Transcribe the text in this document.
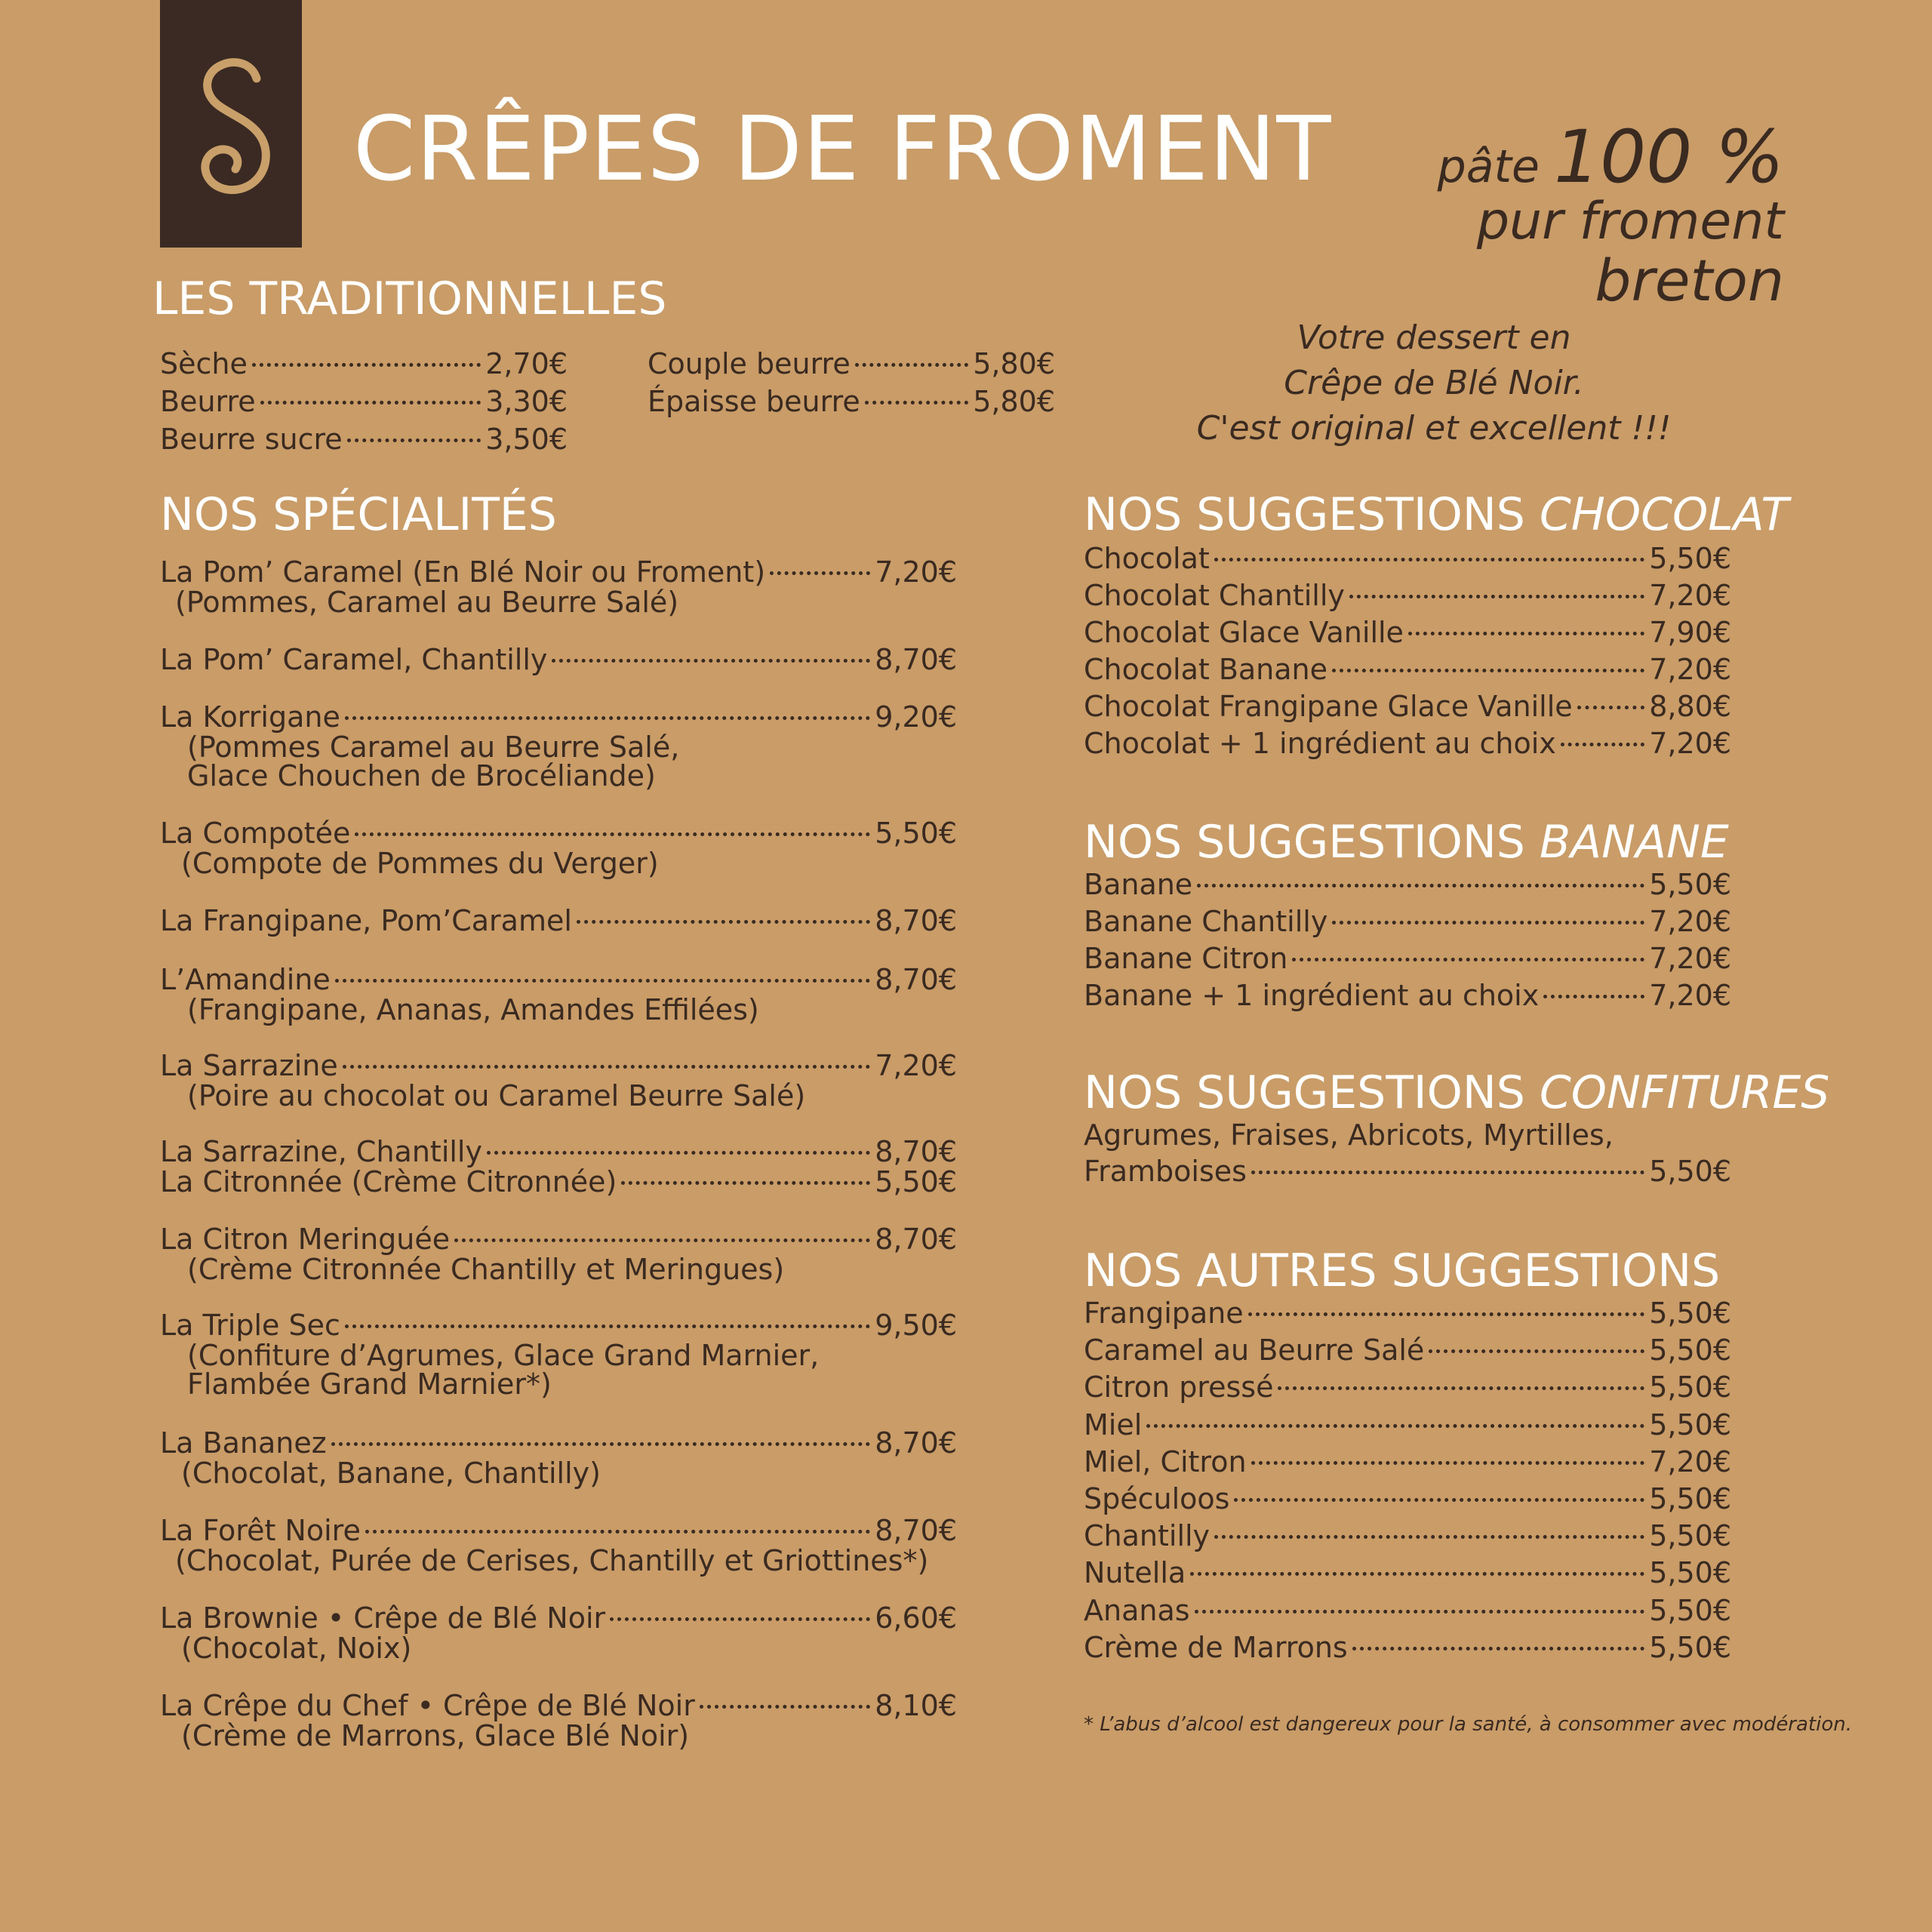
CRÊPES DE FROMENT pâte 100 %
pur froment
breton
Votre dessert en
Crêpe de Blé Noir.
C'est original et excellent !!!
LES TRADITIONNELLES
Sèche	2,70€
Beurre	3,30€
Beurre sucre	3,50€
Couple beurre	5,80€
Épaisse beurre	5,80€
NOS SPÉCIALITÉS
La Pom’ Caramel (En Blé Noir ou Froment)	7,20€
(Pommes, Caramel au Beurre Salé)
La Pom’ Caramel, Chantilly	8,70€
La Korrigane	9,20€
(Pommes Caramel au Beurre Salé,
Glace Chouchen de Brocéliande)
La Compotée	5,50€
(Compote de Pommes du Verger)
La Frangipane, Pom’Caramel	8,70€
L’Amandine	8,70€
(Frangipane, Ananas, Amandes Effilées)
La Sarrazine	7,20€
(Poire au chocolat ou Caramel Beurre Salé)
La Sarrazine, Chantilly	8,70€
La Citronnée (Crème Citronnée)	5,50€
La Citron Meringuée	8,70€
(Crème Citronnée Chantilly et Meringues)
La Triple Sec	9,50€
(Confiture d’Agrumes, Glace Grand Marnier,
Flambée Grand Marnier*)
La Bananez	8,70€
(Chocolat, Banane, Chantilly)
La Forêt Noire	8,70€
(Chocolat, Purée de Cerises, Chantilly et Griottines*)
La Brownie • Crêpe de Blé Noir	6,60€
(Chocolat, Noix)
La Crêpe du Chef • Crêpe de Blé Noir	8,10€
(Crème de Marrons, Glace Blé Noir)
NOS SUGGESTIONS CHOCOLAT
Chocolat	5,50€
Chocolat Chantilly	7,20€
Chocolat Glace Vanille	7,90€
Chocolat Banane	7,20€
Chocolat Frangipane Glace Vanille	8,80€
Chocolat + 1 ingrédient au choix	7,20€
NOS SUGGESTIONS BANANE
Banane	5,50€
Banane Chantilly	7,20€
Banane Citron	7,20€
Banane + 1 ingrédient au choix	7,20€
NOS SUGGESTIONS CONFITURES
Agrumes, Fraises, Abricots, Myrtilles,
Framboises	5,50€
NOS AUTRES SUGGESTIONS
Frangipane	5,50€
Caramel au Beurre Salé	5,50€
Citron pressé	5,50€
Miel	5,50€
Miel, Citron	7,20€
Spéculoos	5,50€
Chantilly	5,50€
Nutella	5,50€
Ananas	5,50€
Crème de Marrons	5,50€
* L’abus d’alcool est dangereux pour la santé, à consommer avec modération.
